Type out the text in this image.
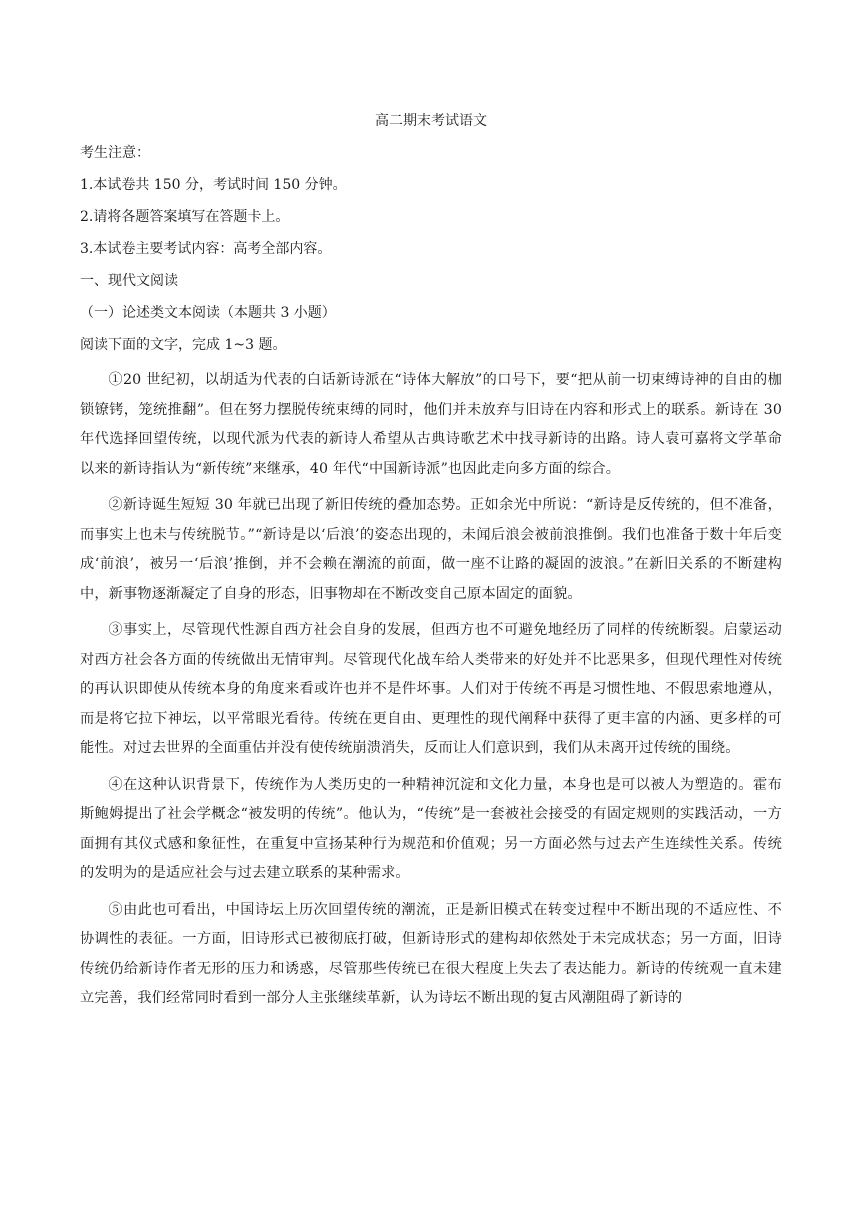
高二期末考试语文
考生注意：
1.本试卷共 150 分，考试时间 150 分钟。
2.请将各题答案填写在答题卡上。
3.本试卷主要考试内容：高考全部内容。
一、现代文阅读
（一）论述类文本阅读（本题共 3 小题）
阅读下面的文字，完成 1~3 题。

①20 世纪初，以胡适为代表的白话新诗派在“诗体大解放”的口号下，要“把从前一切束缚诗神的自由的枷锁镣铐，笼统推翻”。但在努力摆脱传统束缚的同时，他们并未放弃与旧诗在内容和形式上的联系。新诗在 30 年代选择回望传统，以现代派为代表的新诗人希望从古典诗歌艺术中找寻新诗的出路。诗人袁可嘉将文学革命以来的新诗指认为“新传统”来继承，40 年代“中国新诗派”也因此走向多方面的综合。

②新诗诞生短短 30 年就已出现了新旧传统的叠加态势。正如余光中所说：“新诗是反传统的，但不准备，而事实上也未与传统脱节。”“新诗是以‘后浪’的姿态出现的，未闻后浪会被前浪推倒。我们也准备于数十年后变成‘前浪’，被另一‘后浪’推倒，并不会赖在潮流的前面，做一座不让路的凝固的波浪。”在新旧关系的不断建构中，新事物逐渐凝定了自身的形态，旧事物却在不断改变自己原本固定的面貌。

③事实上，尽管现代性源自西方社会自身的发展，但西方也不可避免地经历了同样的传统断裂。启蒙运动对西方社会各方面的传统做出无情审判。尽管现代化战车给人类带来的好处并不比恶果多，但现代理性对传统的再认识即使从传统本身的角度来看或许也并不是件坏事。人们对于传统不再是习惯性地、不假思索地遵从，而是将它拉下神坛，以平常眼光看待。传统在更自由、更理性的现代阐释中获得了更丰富的内涵、更多样的可能性。对过去世界的全面重估并没有使传统崩溃消失，反而让人们意识到，我们从未离开过传统的围绕。

④在这种认识背景下，传统作为人类历史的一种精神沉淀和文化力量，本身也是可以被人为塑造的。霍布斯鲍姆提出了社会学概念“被发明的传统”。他认为，“传统”是一套被社会接受的有固定规则的实践活动，一方面拥有其仪式感和象征性，在重复中宣扬某种行为规范和价值观；另一方面必然与过去产生连续性关系。传统的发明为的是适应社会与过去建立联系的某种需求。

⑤由此也可看出，中国诗坛上历次回望传统的潮流，正是新旧模式在转变过程中不断出现的不适应性、不协调性的表征。一方面，旧诗形式已被彻底打破，但新诗形式的建构却依然处于未完成状态；另一方面，旧诗传统仍给新诗作者无形的压力和诱惑，尽管那些传统已在很大程度上失去了表达能力。新诗的传统观一直未建立完善，我们经常同时看到一部分人主张继续革新，认为诗坛不断出现的复古风潮阻碍了新诗的
